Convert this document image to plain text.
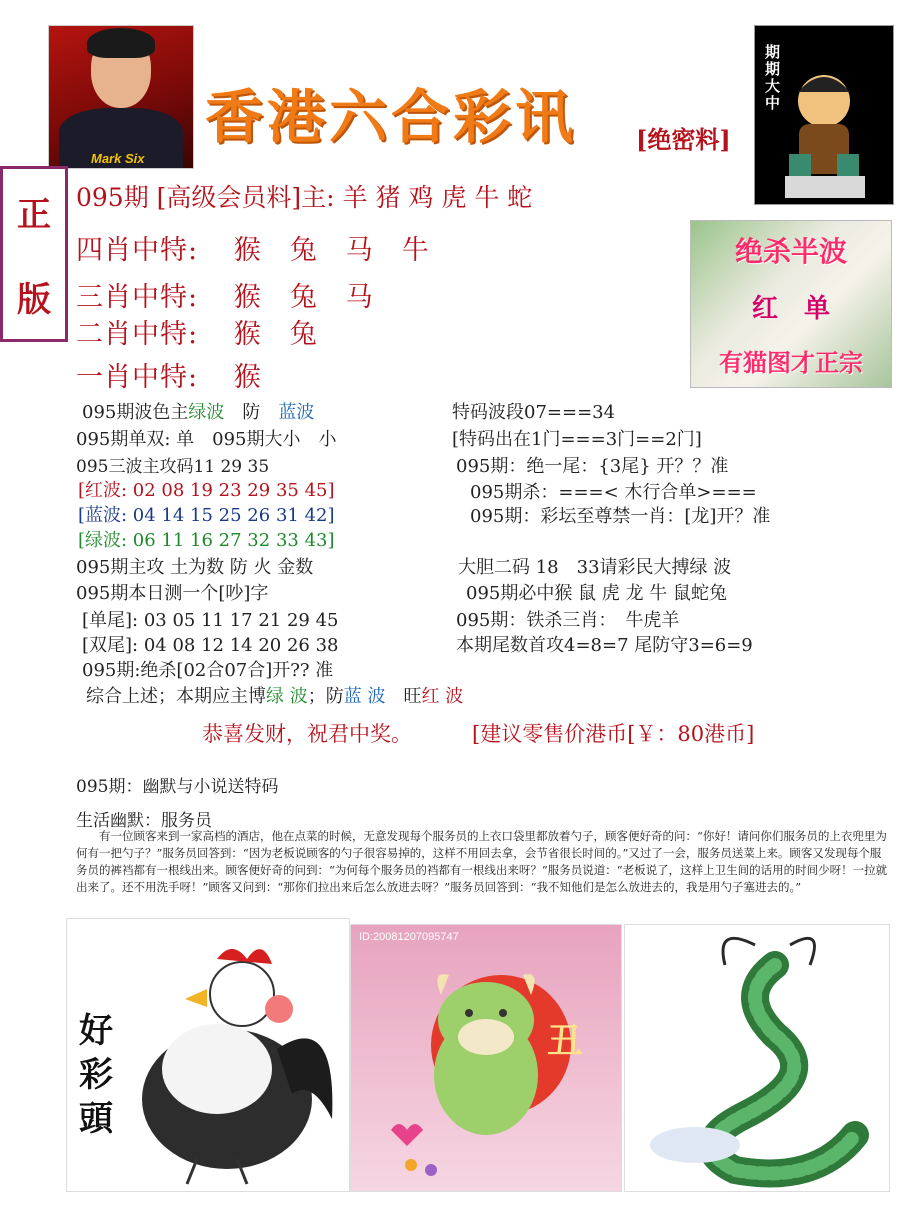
Mark Six
香港六合彩讯 [绝密料]
期期大中
正
版
095期 [高级会员料]主: 羊 猪 鸡 虎 牛 蛇
四肖中特: 猴　兔　马　牛
三肖中特: 猴　兔　马
二肖中特: 猴　兔
一肖中特: 猴
绝杀半波
红　单
有猫图才正宗
095期波色主绿波　防　蓝波
095期单双: 单　095期大小　小
095三波主攻码11 29 35
[红波: 02 08 19 23 29 35 45]
[蓝波: 04 14 15 25 26 31 42]
[绿波: 06 11 16 27 32 33 43]
095期主攻 土为数 防 火 金数
095期本日测一个[吵]字
[单尾]: 03 05 11 17 21 29 45
[双尾]: 04 08 12 14 20 26 38
095期:绝杀[02合07合]开?? 准
综合上述；本期应主博绿 波；防蓝 波　旺红 波
特码波段07===34
[特码出在1门===3门==2门]
095期：绝一尾：{3尾} 开？？准
095期杀：===< 木行合单>===
095期：彩坛至尊禁一肖：[龙]开？准
大胆二码 18　33请彩民大搏绿 波
095期必中猴 鼠 虎 龙 牛 鼠蛇兔
095期：铁杀三肖：　牛虎羊
本期尾数首攻4=8=7 尾防守3=6=9
恭喜发财，祝君中奖。	[建议零售价港币[￥：80港币]
095期：幽默与小说送特码
生活幽默：服务员
　　有一位顾客来到一家高档的酒店，他在点菜的时候，无意发现每个服务员的上衣口袋里都放着勺子，顾客便好奇的问：“你好！请问你们服务员的上衣兜里为何有一把勺子？”服务员回答到：“因为老板说顾客的勺子很容易掉的，这样不用回去拿，会节省很长时间的。”又过了一会，服务员送菜上来。顾客又发现每个服务员的裤裆都有一根线出来。顾客便好奇的问到：“为何每个服务员的裆都有一根线出来呀？”服务员说道：“老板说了，这样上卫生间的话用的时间少呀！一拉就出来了。还不用洗手呀！”顾客又问到：“那你们拉出来后怎么放进去呀？”服务员回答到：“我不知他们是怎么放进去的，我是用勺子塞进去的。”
好彩頭
ID:20081207095747
丑
